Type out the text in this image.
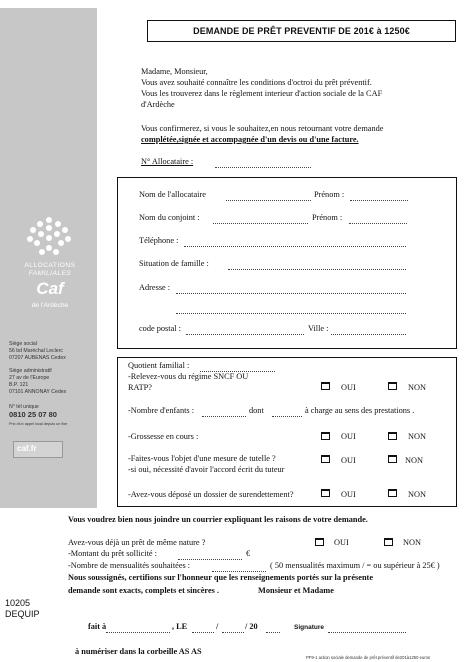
ALLOCATIONS
FAMILIALES
Caf
de l'Ardèche
Siège social
56 bd Maréchal Leclerc
07207 AUBENAS Cedex
Siège administratif
27 av de l'Europe
B.P. 121
07101 ANNONAY Cedex
N° tél unique
0810 25 07 80
Prix d'un appel local depuis un fixe
caf.fr
DEMANDE DE PRÊT PREVENTIF DE 201€ à 1250€
Madame, Monsieur,
Vous avez souhaité connaître les conditions d'octroi du prêt préventif.
Vous les trouverez dans le règlement interieur d'action sociale de la CAF
d'Ardèche
Vous confirmerez, si vous le souhaitez,en nous retournant votre demande
complétée,signée et accompagnée d'un devis ou d'une facture.
N° Allocataire :
Nom de l'allocataire	Prénom :
Nom du conjoint :	Prénom :
Téléphone :
Situation de famille :
Adresse :
code postal :	Ville :
Quotient familial :
-Relevez-vous du régime SNCF OU
RATP?	OUI	NON
-Nombre d'enfants :	dont	à charge au sens des prestations .
-Grossesse en cours :	OUI	NON
-Faites-vous l'objet d'une mesure de tutelle ?
-si oui, nécessité d'avoir l'accord écrit du tuteur
OUI	NON
-Avez-vous déposé un dossier de surendettement?	OUI	NON
Vous voudrez bien nous joindre un courrier expliquant les raisons de votre demande.
Avez-vous déjà un prêt de même nature ?	OUI	NON
-Montant du prêt sollicité :	€
-Nombre de mensualités souhaitées :	( 50 mensualités maximum / = ou supérieur à 25€ )
Nous soussignés, certifions sur l'honneur que les renseignements portés sur la présente
demande sont exacts, complets et sincères .	Monsieur et Madame
10205
DEQUIP
fait à	, LE	/	/ 20	Signature
à numériser dans la corbeille AS AS
PF9-1 action sociale demande de prêt préventif de201à1250 euros
